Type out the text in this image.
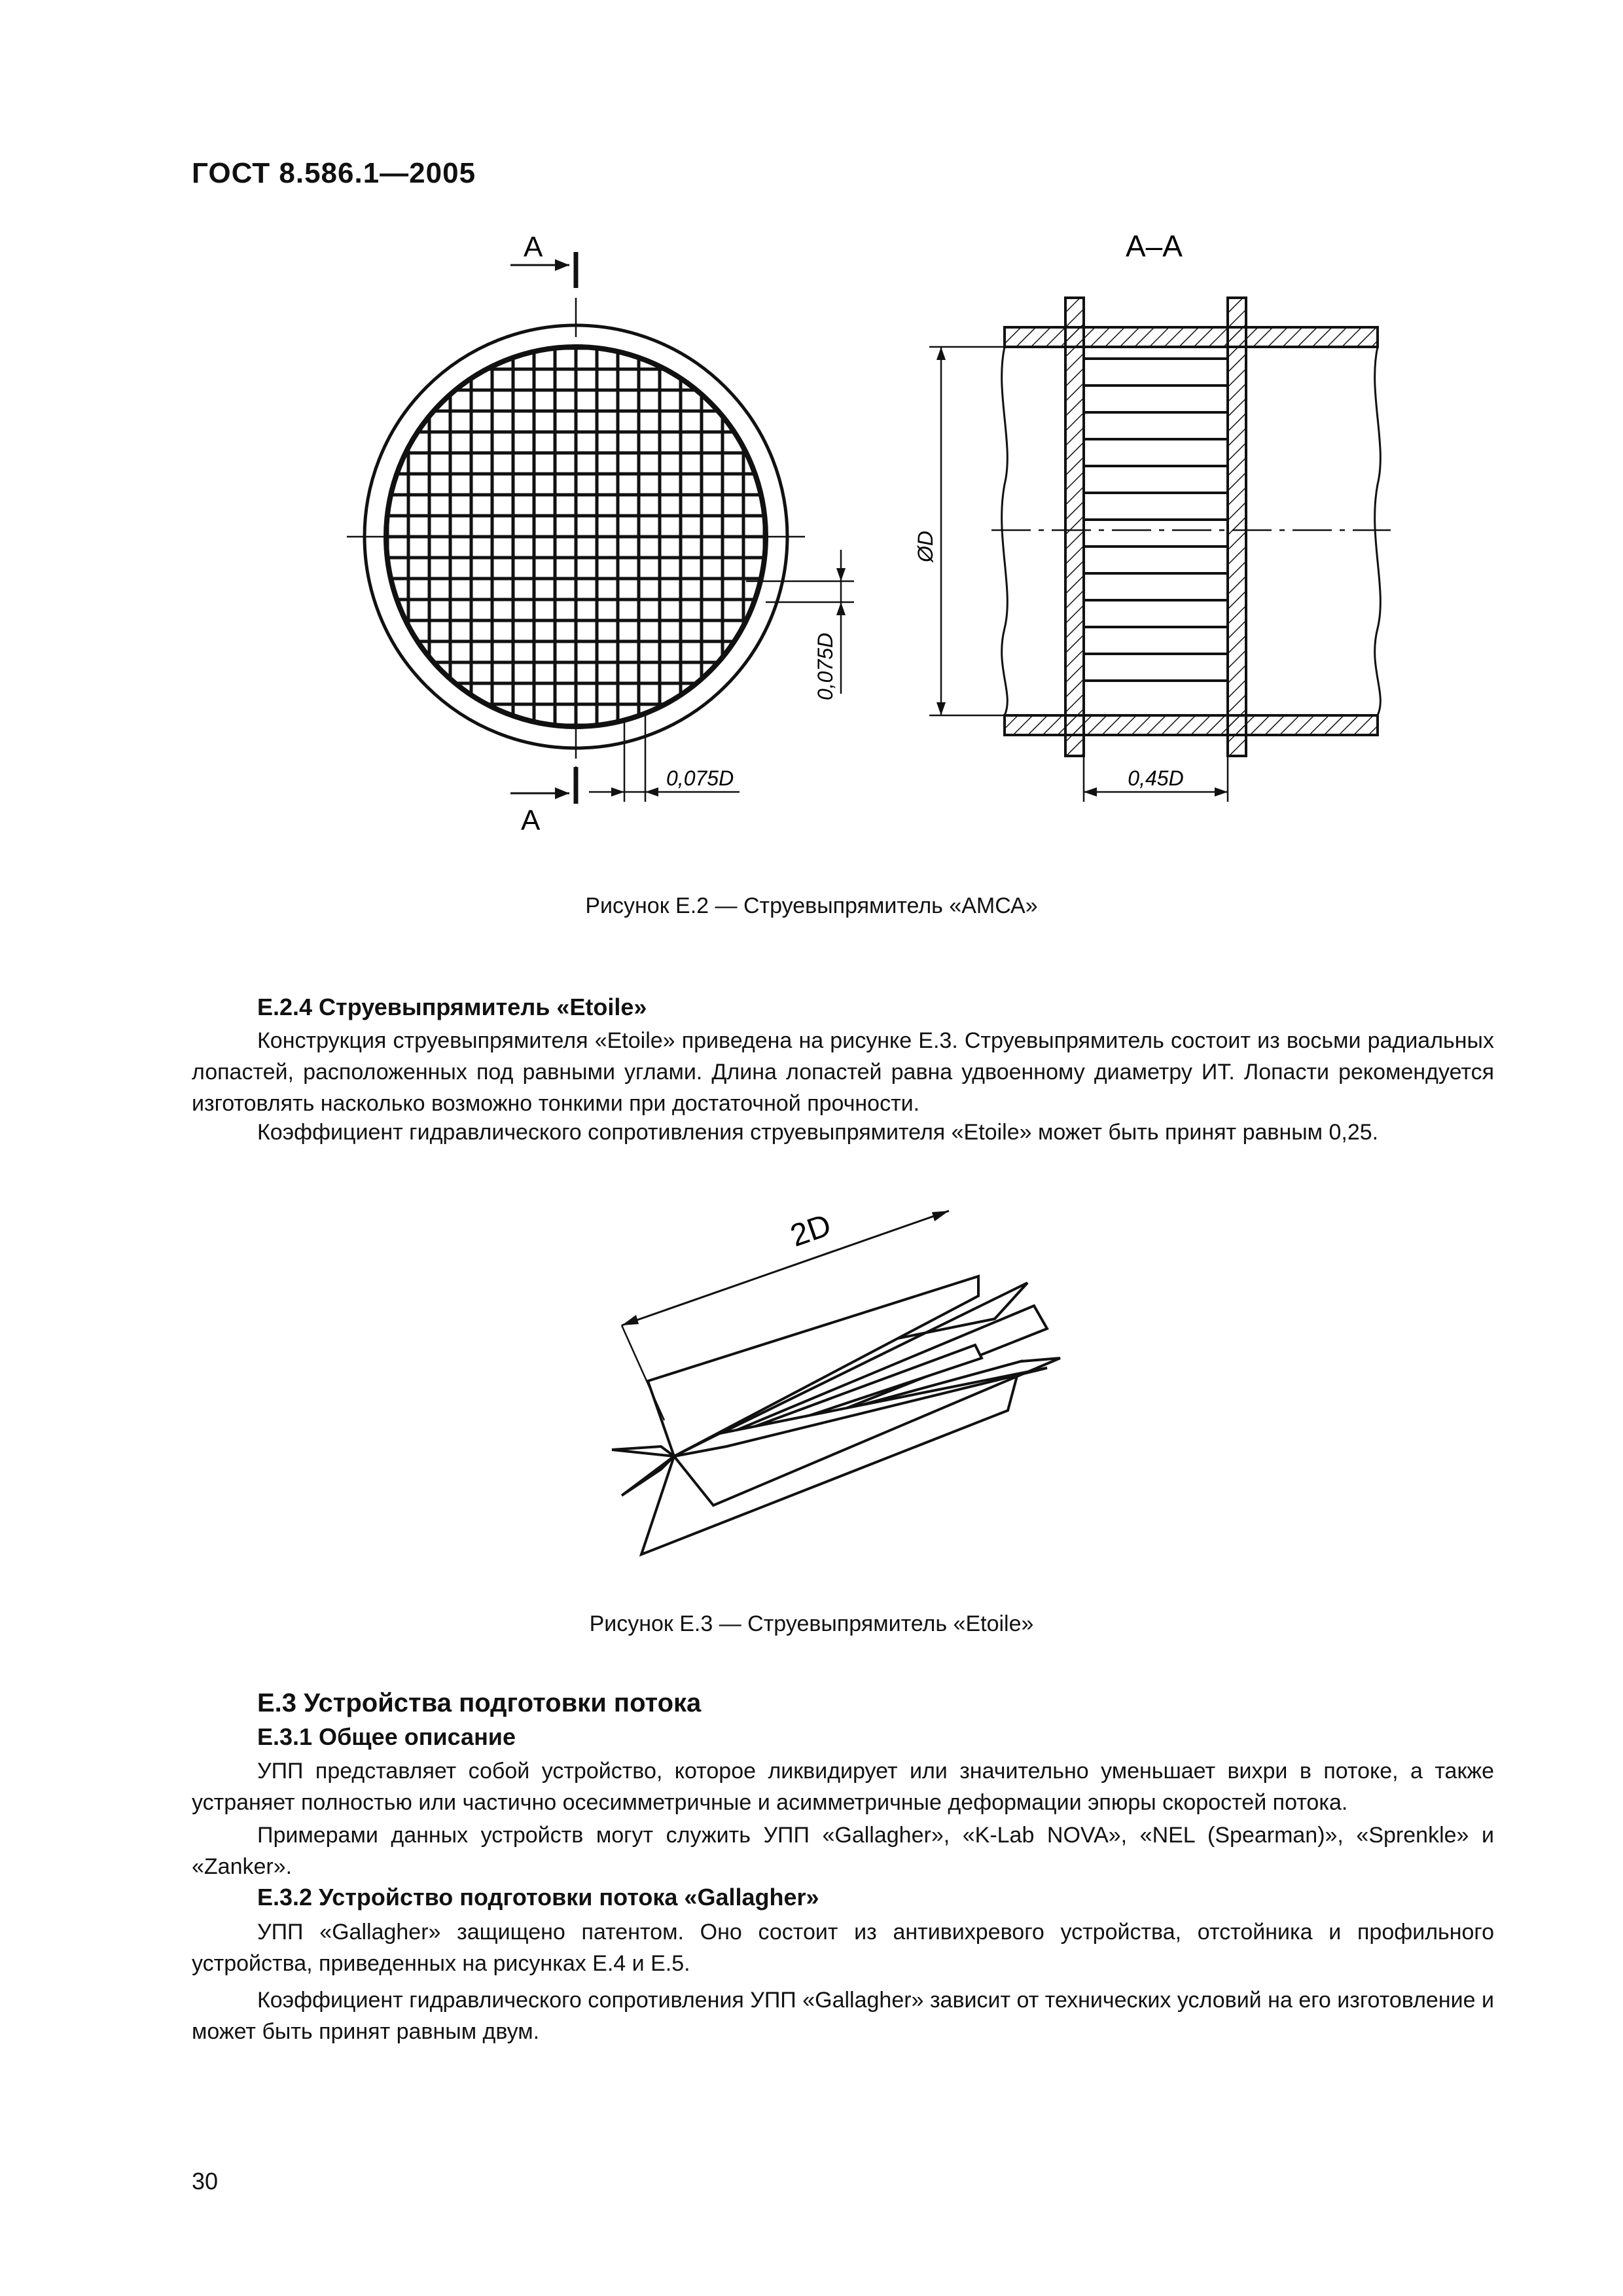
ГОСТ 8.586.1—2005
А
А
0,075D
0,075D
А–А
ØD
0,45D
Рисунок Е.2 — Струевыпрямитель «АМСА»
Е.2.4 Струевыпрямитель «Etoile»
Конструкция струевыпрямителя «Etoile» приведена на рисунке Е.3. Струевыпрямитель состоит из восьми радиальных лопастей, расположенных под равными углами. Длина лопастей равна удвоенному диаметру ИТ. Лопасти рекомендуется изготовлять насколько возможно тонкими при достаточной прочности.
Коэффициент гидравлического сопротивления струевыпрямителя «Etoile» может быть принят равным 0,25.
2D
Рисунок Е.3 — Струевыпрямитель «Etoile»
Е.3 Устройства подготовки потока
Е.3.1 Общее описание
УПП представляет собой устройство, которое ликвидирует или значительно уменьшает вихри в потоке, а также устраняет полностью или частично осесимметричные и асимметричные деформации эпюры скоростей потока.
Примерами данных устройств могут служить УПП «Gallagher», «K-Lab NOVA», «NEL (Spearman)», «Sprenkle» и «Zanker».
Е.3.2 Устройство подготовки потока «Gallagher»
УПП «Gallagher» защищено патентом. Оно состоит из антивихревого устройства, отстойника и профильного устройства, приведенных на рисунках Е.4 и Е.5.
Коэффициент гидравлического сопротивления УПП «Gallagher» зависит от технических условий на его изготовление и может быть принят равным двум.
30
